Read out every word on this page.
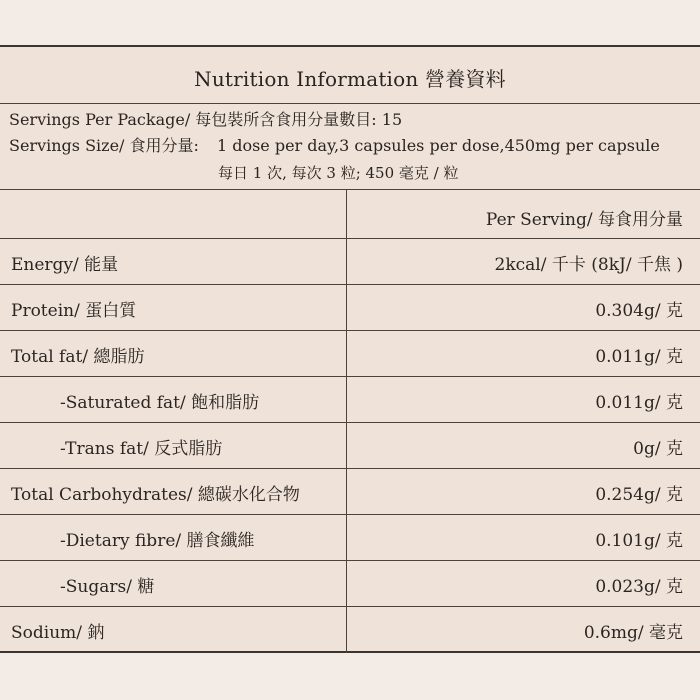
Nutrition Information 營養資料
Servings Per Package/ 每包裝所含食用分量數目: 15
Servings Size/ 食用分量: 1 dose per day,3 capsules per dose,450mg per capsule
每日 1 次, 每次 3 粒; 450 毫克 / 粒
Per Serving/ 每食用分量
Energy/ 能量	2kcal/ 千卡 (8kJ/ 千焦 )
Protein/ 蛋白質	0.304g/ 克
Total fat/ 總脂肪	0.011g/ 克
-Saturated fat/ 飽和脂肪	0.011g/ 克
-Trans fat/ 反式脂肪	0g/ 克
Total Carbohydrates/ 總碳水化合物	0.254g/ 克
-Dietary fibre/ 膳食纖維	0.101g/ 克
-Sugars/ 糖	0.023g/ 克
Sodium/ 鈉	0.6mg/ 毫克
